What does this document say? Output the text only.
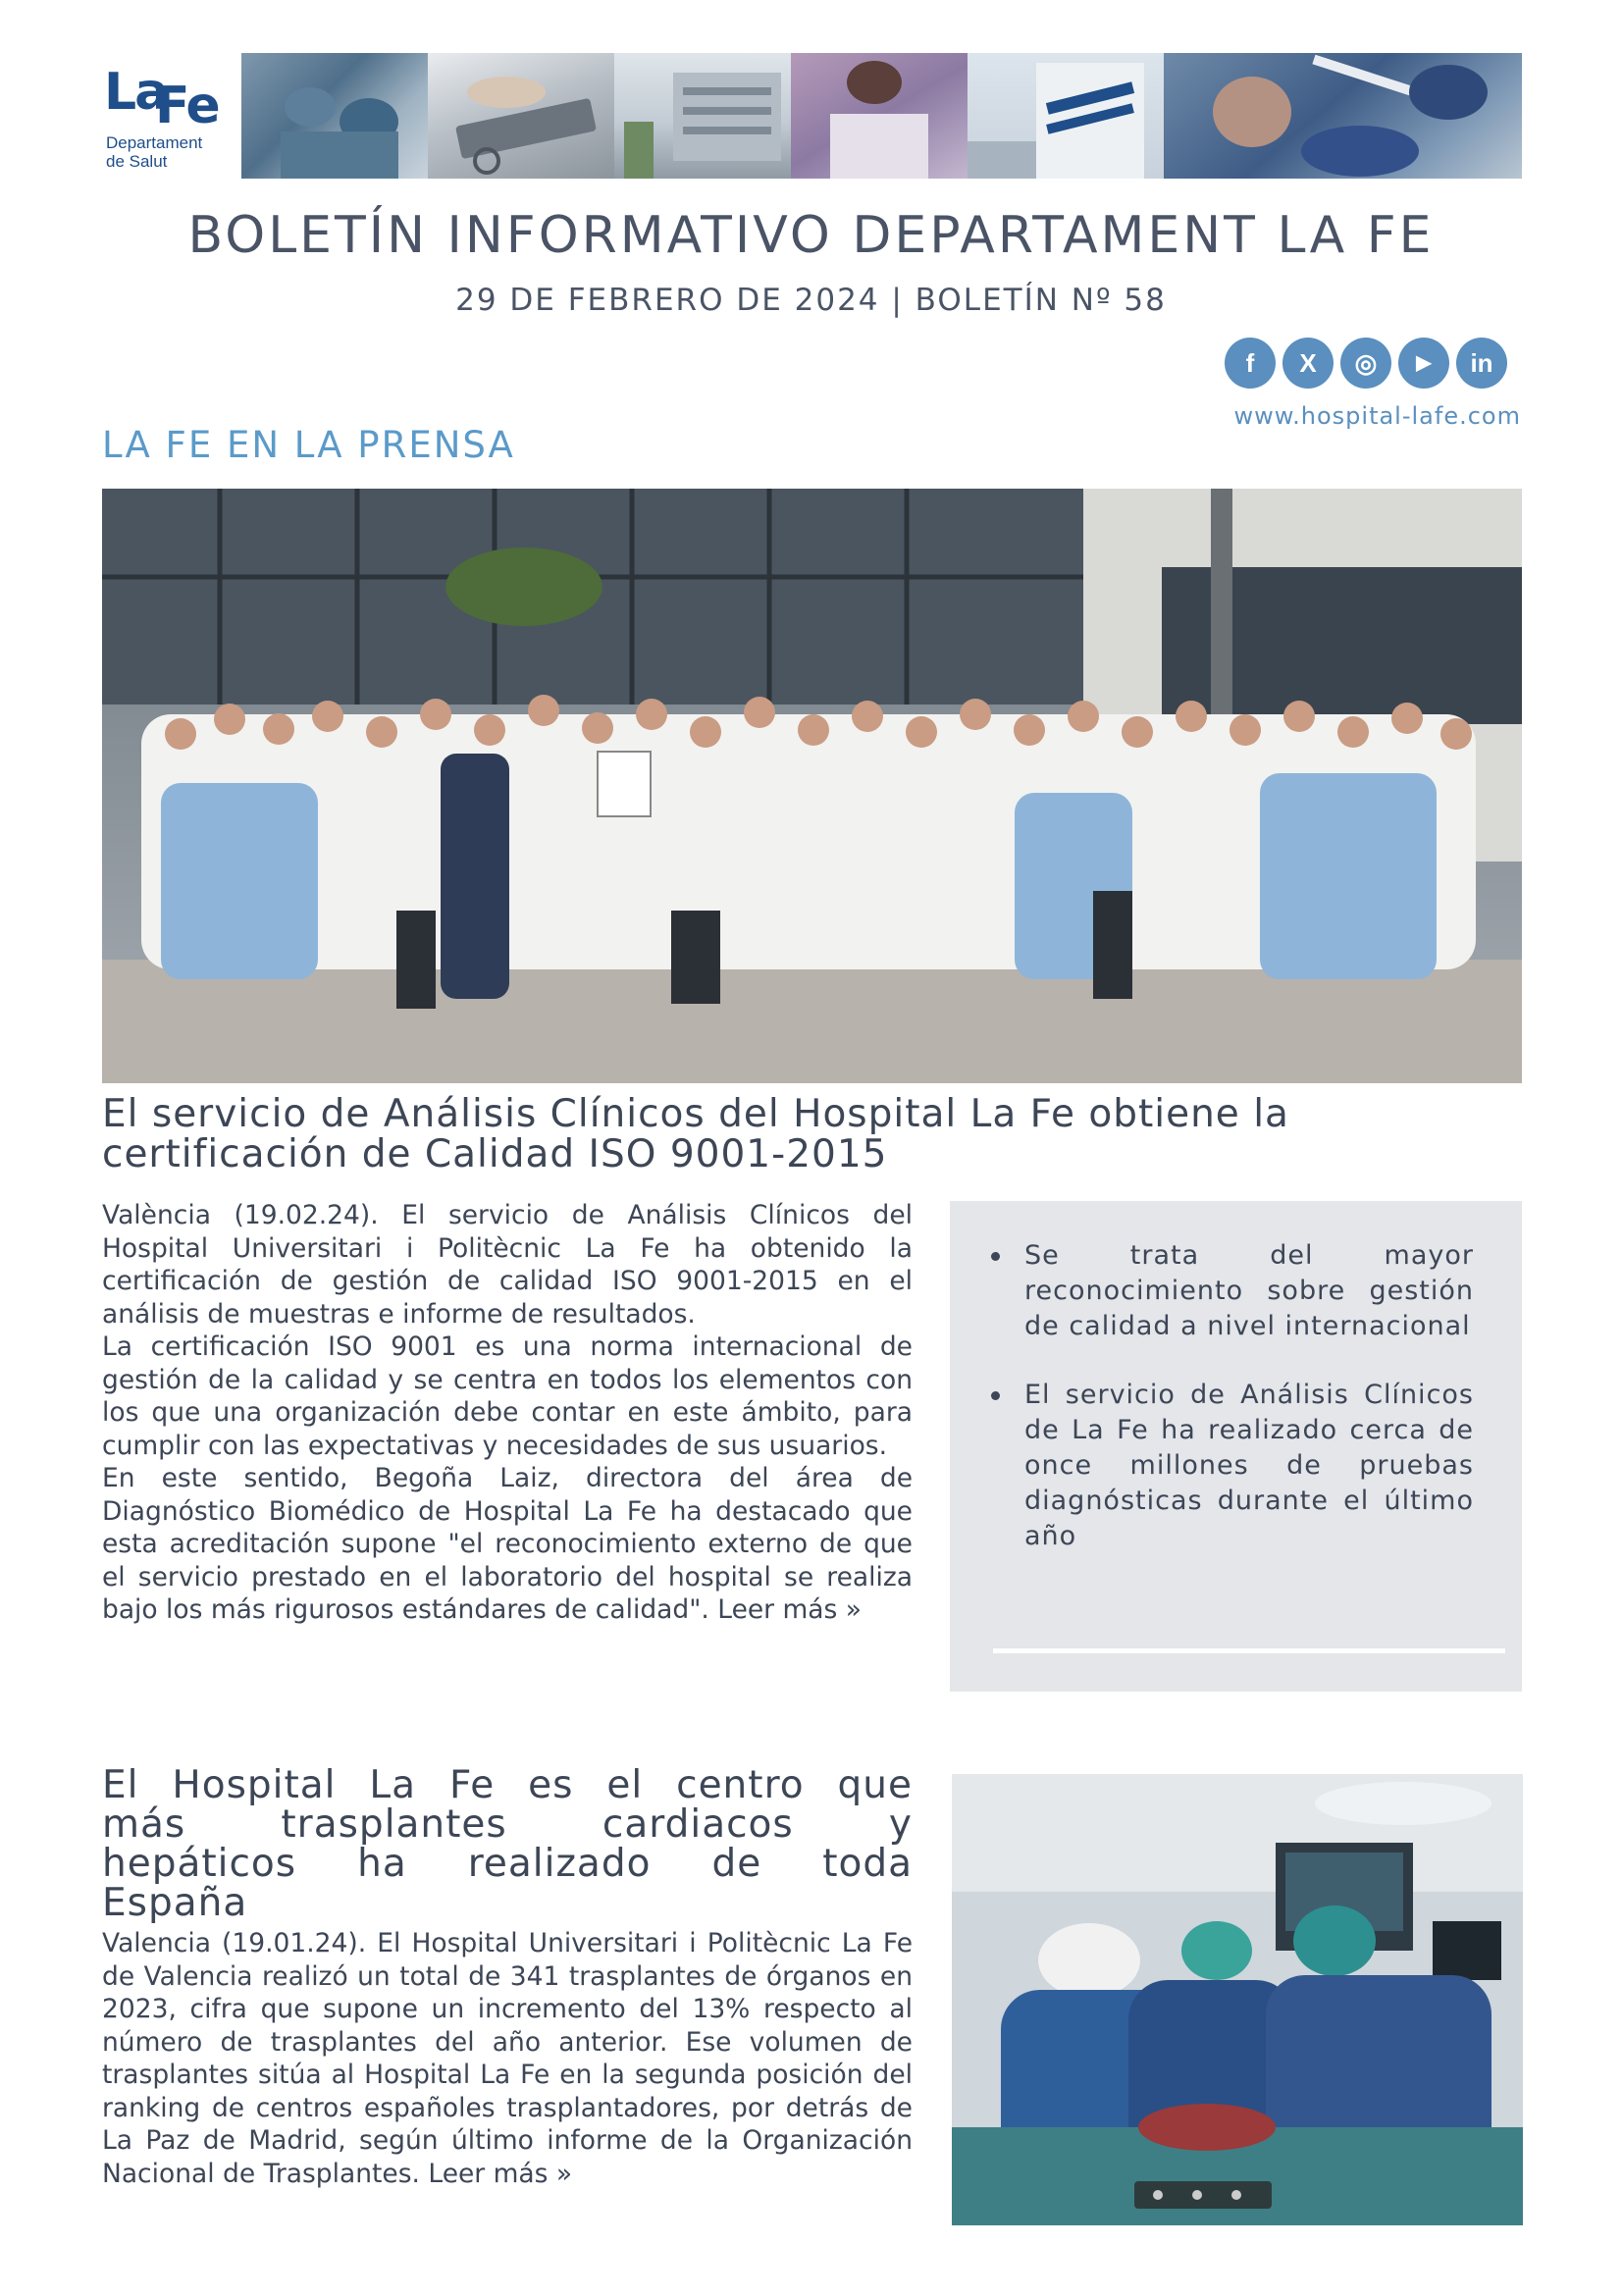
La
Fe
Departament
de Salut
BOLETÍN INFORMATIVO DEPARTAMENT LA FE
29 DE FEBRERO DE 2024 | BOLETÍN Nº 58
f	X	◎	▶	in
www.hospital-lafe.com
LA FE EN LA PRENSA
El servicio de Análisis Clínicos del Hospital La Fe obtiene la
certificación de Calidad ISO 9001-2015

València (19.02.24). El servicio de Análisis Clínicos del Hospital Universitari i Politècnic La Fe ha obtenido la certificación de gestión de calidad ISO 9001-2015 en el análisis de muestras e informe de resultados.

La certificación ISO 9001 es una norma internacional de gestión de la calidad y se centra en todos los elementos con los que una organización debe contar en este ámbito, para cumplir con las expectativas y necesidades de sus usuarios.

En este sentido, Begoña Laiz, directora del área de Diagnóstico Biomédico de Hospital La Fe ha destacado que esta acreditación supone "el reconocimiento externo de que el servicio prestado en el laboratorio del hospital se realiza bajo los más rigurosos estándares de calidad". Leer más »

Se trata del mayor reconocimiento sobre gestión de calidad a nivel internacional
El servicio de Análisis Clínicos de La Fe ha realizado cerca de once millones de pruebas diagnósticas durante el último año
El Hospital La Fe es el centro que
más trasplantes cardiacos y
hepáticos ha realizado de toda
España

Valencia (19.01.24). El Hospital Universitari i Politècnic La Fe de Valencia realizó un total de 341 trasplantes de órganos en 2023, cifra que supone un incremento del 13% respecto al número de trasplantes del año anterior. Ese volumen de trasplantes sitúa al Hospital La Fe en la segunda posición del ranking de centros españoles trasplantadores, por detrás de La Paz de Madrid, según último informe de la Organización Nacional de Trasplantes. Leer más »
